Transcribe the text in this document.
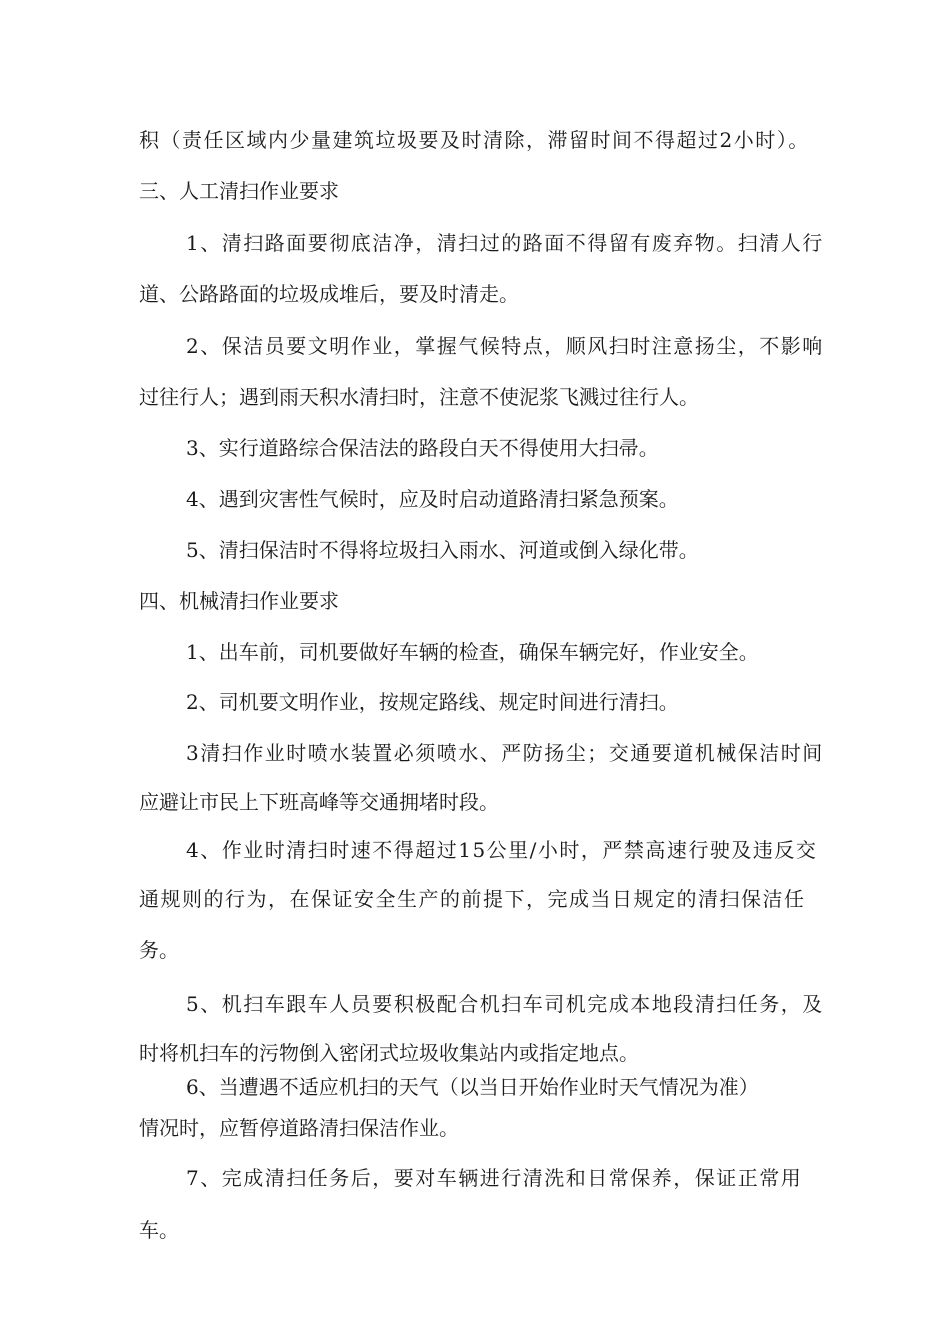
积（责任区域内少量建筑垃圾要及时清除，滞留时间不得超过2小时）。
三、人工清扫作业要求
1、清扫路面要彻底洁净，清扫过的路面不得留有废弃物。扫清人行
道、公路路面的垃圾成堆后，要及时清走。
2、保洁员要文明作业，掌握气候特点，顺风扫时注意扬尘，不影响
过往行人；遇到雨天积水清扫时，注意不使泥浆飞溅过往行人。
3、实行道路综合保洁法的路段白天不得使用大扫帚。
4、遇到灾害性气候时，应及时启动道路清扫紧急预案。
5、清扫保洁时不得将垃圾扫入雨水、河道或倒入绿化带。
四、机械清扫作业要求
1、出车前，司机要做好车辆的检查，确保车辆完好，作业安全。
2、司机要文明作业，按规定路线、规定时间进行清扫。
3清扫作业时喷水装置必须喷水、严防扬尘；交通要道机械保洁时间
应避让市民上下班高峰等交通拥堵时段。
4、作业时清扫时速不得超过15公里/小时，严禁高速行驶及违反交
通规则的行为，在保证安全生产的前提下，完成当日规定的清扫保洁任
务。
5、机扫车跟车人员要积极配合机扫车司机完成本地段清扫任务，及
时将机扫车的污物倒入密闭式垃圾收集站内或指定地点。
6、当遭遇不适应机扫的天气（以当日开始作业时天气情况为准）
情况时，应暂停道路清扫保洁作业。
7、完成清扫任务后，要对车辆进行清洗和日常保养，保证正常用
车。
